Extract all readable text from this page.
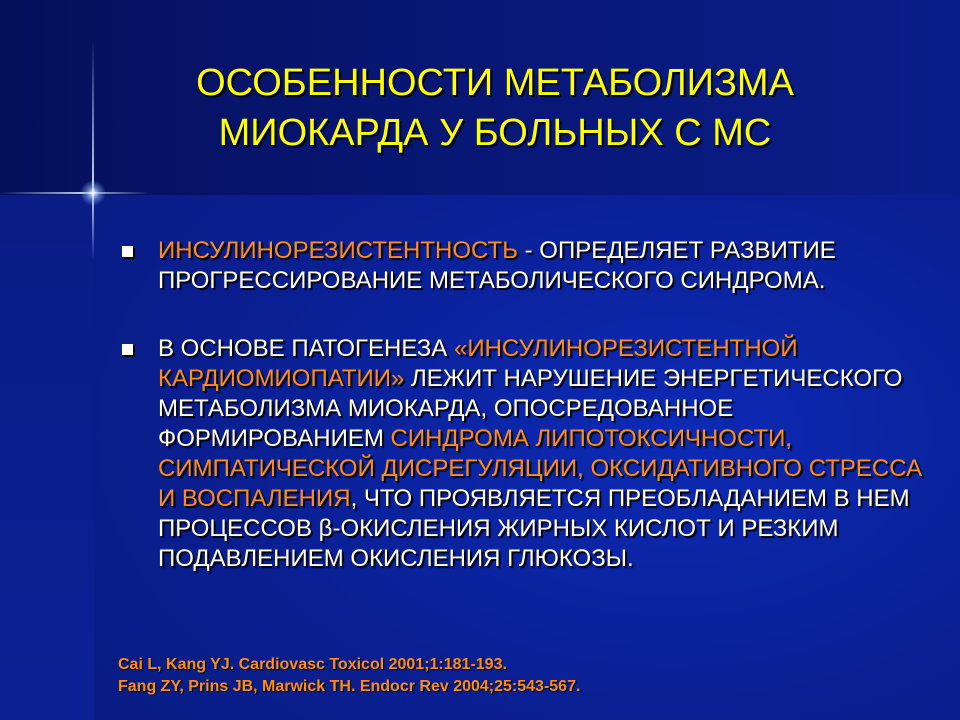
ОСОБЕННОСТИ МЕТАБОЛИЗМА
МИОКАРДА У БОЛЬНЫХ С МС
ИНСУЛИНОРЕЗИСТЕНТНОСТЬ - ОПРЕДЕЛЯЕТ РАЗВИТИЕ ПРОГРЕССИРОВАНИЕ МЕТАБОЛИЧЕСКОГО СИНДРОМА.
В ОСНОВЕ ПАТОГЕНЕЗА «ИНСУЛИНОРЕЗИСТЕНТНОЙ КАРДИОМИОПАТИИ» ЛЕЖИТ НАРУШЕНИЕ ЭНЕРГЕТИЧЕСКОГО МЕТАБОЛИЗМА МИОКАРДА, ОПОСРЕДОВАННОЕ ФОРМИРОВАНИЕМ СИНДРОМА ЛИПОТОКСИЧНОСТИ, СИМПАТИЧЕСКОЙ ДИСРЕГУЛЯЦИИ, ОКСИДАТИВНОГО СТРЕССА И ВОСПАЛЕНИЯ, ЧТО ПРОЯВЛЯЕТСЯ ПРЕОБЛАДАНИЕМ В НЕМ ПРОЦЕССОВ β-ОКИСЛЕНИЯ ЖИРНЫХ КИСЛОТ И РЕЗКИМ ПОДАВЛЕНИЕМ ОКИСЛЕНИЯ ГЛЮКОЗЫ.
Cai L, Kang YJ. Cardiovasc Toxicol 2001;1:181-193.
Fang ZY, Prins JB, Marwick TH. Endocr Rev 2004;25:543-567.
